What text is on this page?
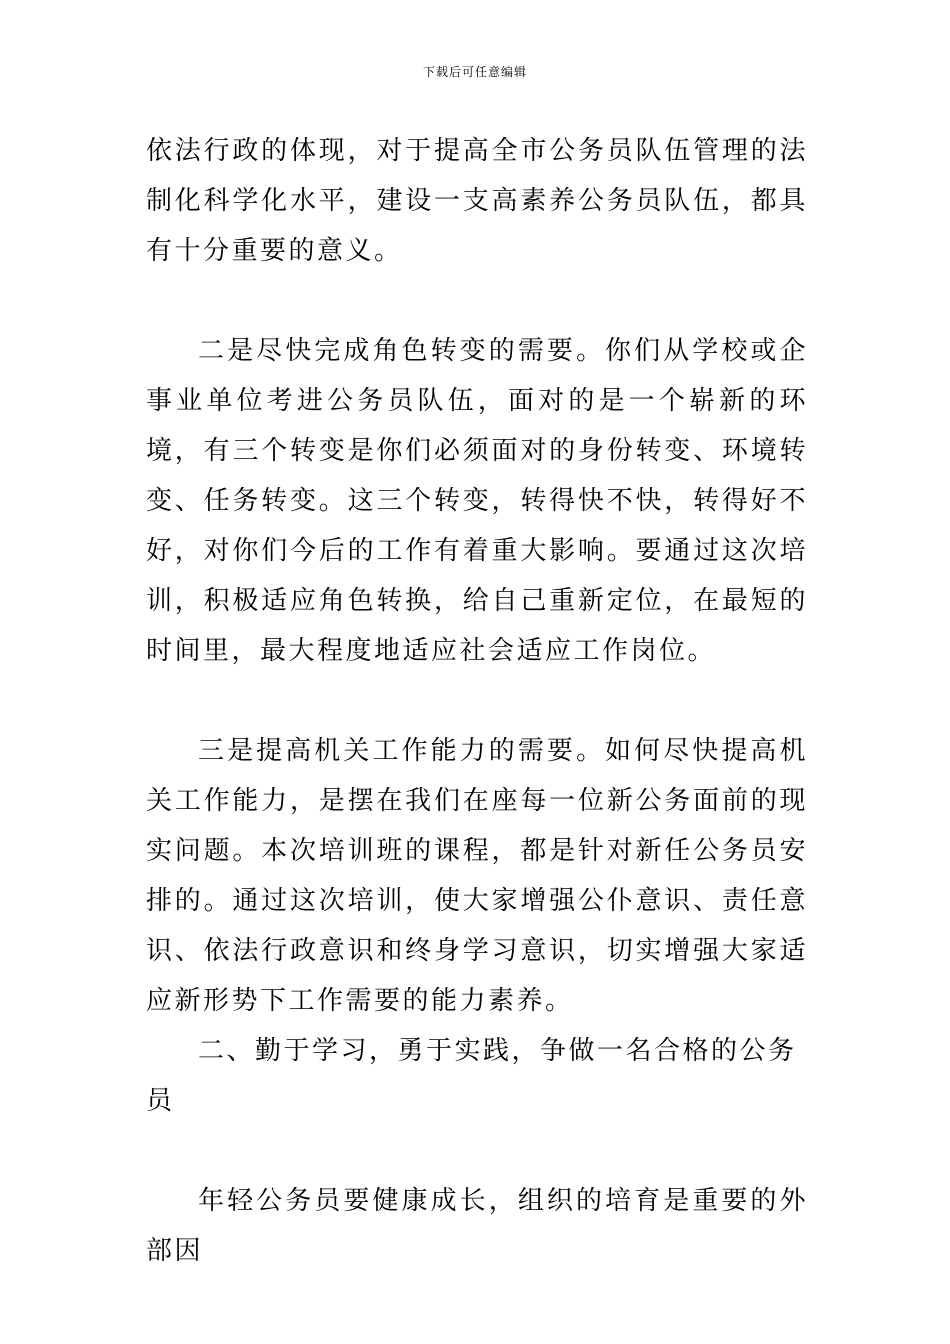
下载后可任意编辑

依法行政的体现，对于提高全市公务员队伍管理的法制化科学化水平，建设一支高素养公务员队伍，都具有十分重要的意义。

二是尽快完成角色转变的需要。你们从学校或企事业单位考进公务员队伍，面对的是一个崭新的环境，有三个转变是你们必须面对的身份转变、环境转变、任务转变。这三个转变，转得快不快，转得好不好，对你们今后的工作有着重大影响。要通过这次培训，积极适应角色转换，给自己重新定位，在最短的时间里，最大程度地适应社会适应工作岗位。

三是提高机关工作能力的需要。如何尽快提高机关工作能力，是摆在我们在座每一位新公务面前的现实问题。本次培训班的课程，都是针对新任公务员安排的。通过这次培训，使大家增强公仆意识、责任意识、依法行政意识和终身学习意识，切实增强大家适应新形势下工作需要的能力素养。

二、勤于学习，勇于实践，争做一名合格的公务员

年轻公务员要健康成长，组织的培育是重要的外部因
